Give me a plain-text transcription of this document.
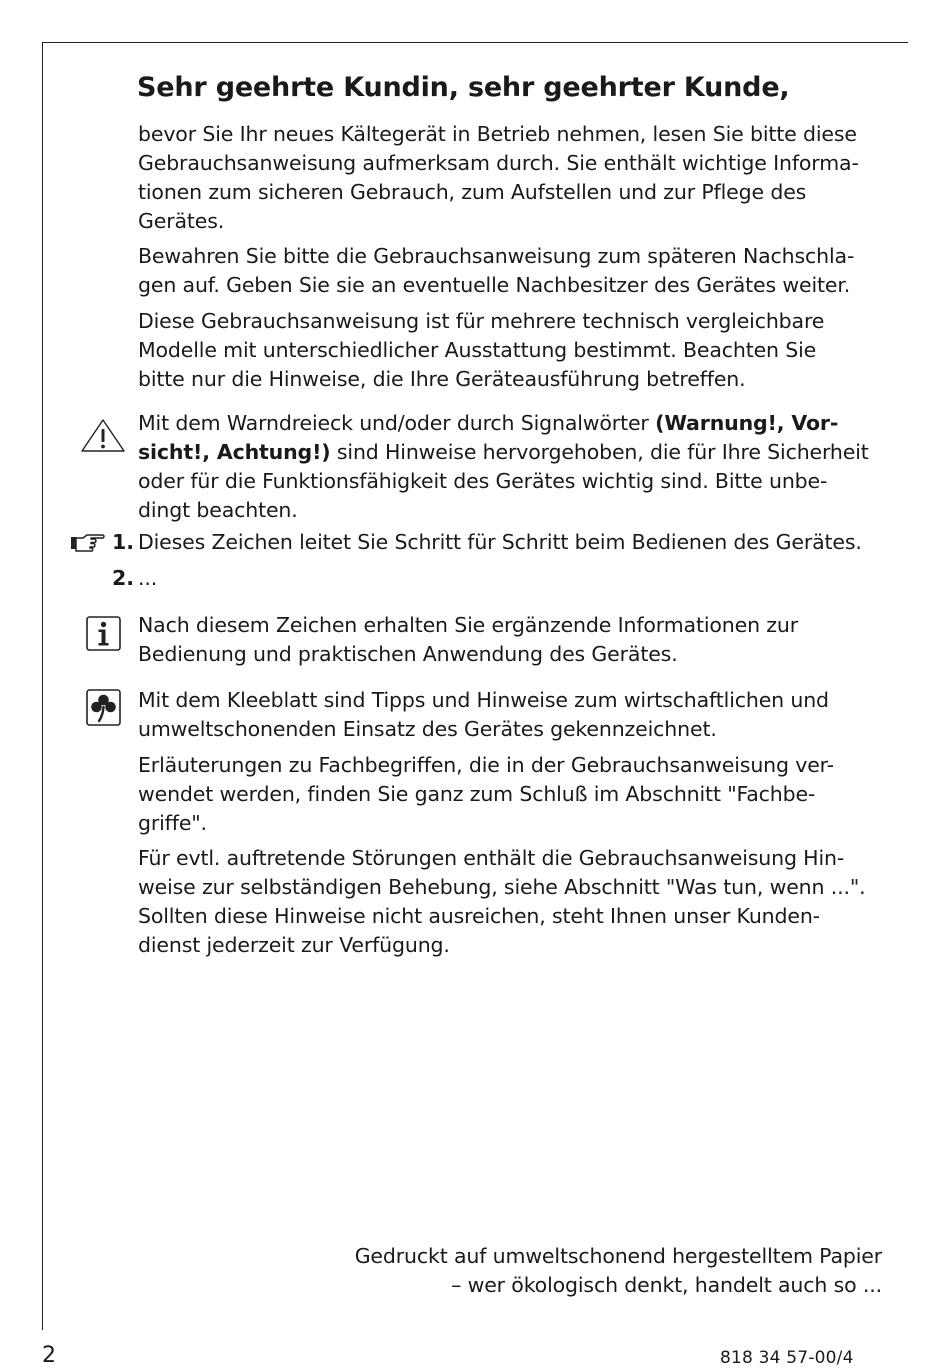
Sehr geehrte Kundin, sehr geehrter Kunde,
bevor Sie Ihr neues Kältegerät in Betrieb nehmen, lesen Sie bitte diese
Gebrauchsanweisung aufmerksam durch. Sie enthält wichtige Informa-
tionen zum sicheren Gebrauch, zum Aufstellen und zur Pflege des
Gerätes.
Bewahren Sie bitte die Gebrauchsanweisung zum späteren Nachschla-
gen auf. Geben Sie sie an eventuelle Nachbesitzer des Gerätes weiter.
Diese Gebrauchsanweisung ist für mehrere technisch vergleichbare
Modelle mit unterschiedlicher Ausstattung bestimmt. Beachten Sie
bitte nur die Hinweise, die Ihre Geräteausführung betreffen.
Mit dem Warndreieck und/oder durch Signalwörter (Warnung!, Vor-
sicht!, Achtung!) sind Hinweise hervorgehoben, die für Ihre Sicherheit
oder für die Funktionsfähigkeit des Gerätes wichtig sind. Bitte unbe-
dingt beachten.
1. Dieses Zeichen leitet Sie Schritt für Schritt beim Bedienen des Gerätes.
2. ...
Nach diesem Zeichen erhalten Sie ergänzende Informationen zur
Bedienung und praktischen Anwendung des Gerätes.
Mit dem Kleeblatt sind Tipps und Hinweise zum wirtschaftlichen und
umweltschonenden Einsatz des Gerätes gekennzeichnet.
Erläuterungen zu Fachbegriffen, die in der Gebrauchsanweisung ver-
wendet werden, finden Sie ganz zum Schluß im Abschnitt "Fachbe-
griffe".
Für evtl. auftretende Störungen enthält die Gebrauchsanweisung Hin-
weise zur selbständigen Behebung, siehe Abschnitt "Was tun, wenn ...".
Sollten diese Hinweise nicht ausreichen, steht Ihnen unser Kunden-
dienst jederzeit zur Verfügung.
Gedruckt auf umweltschonend hergestelltem Papier
– wer ökologisch denkt, handelt auch so ...
2	818 34 57-00/4
